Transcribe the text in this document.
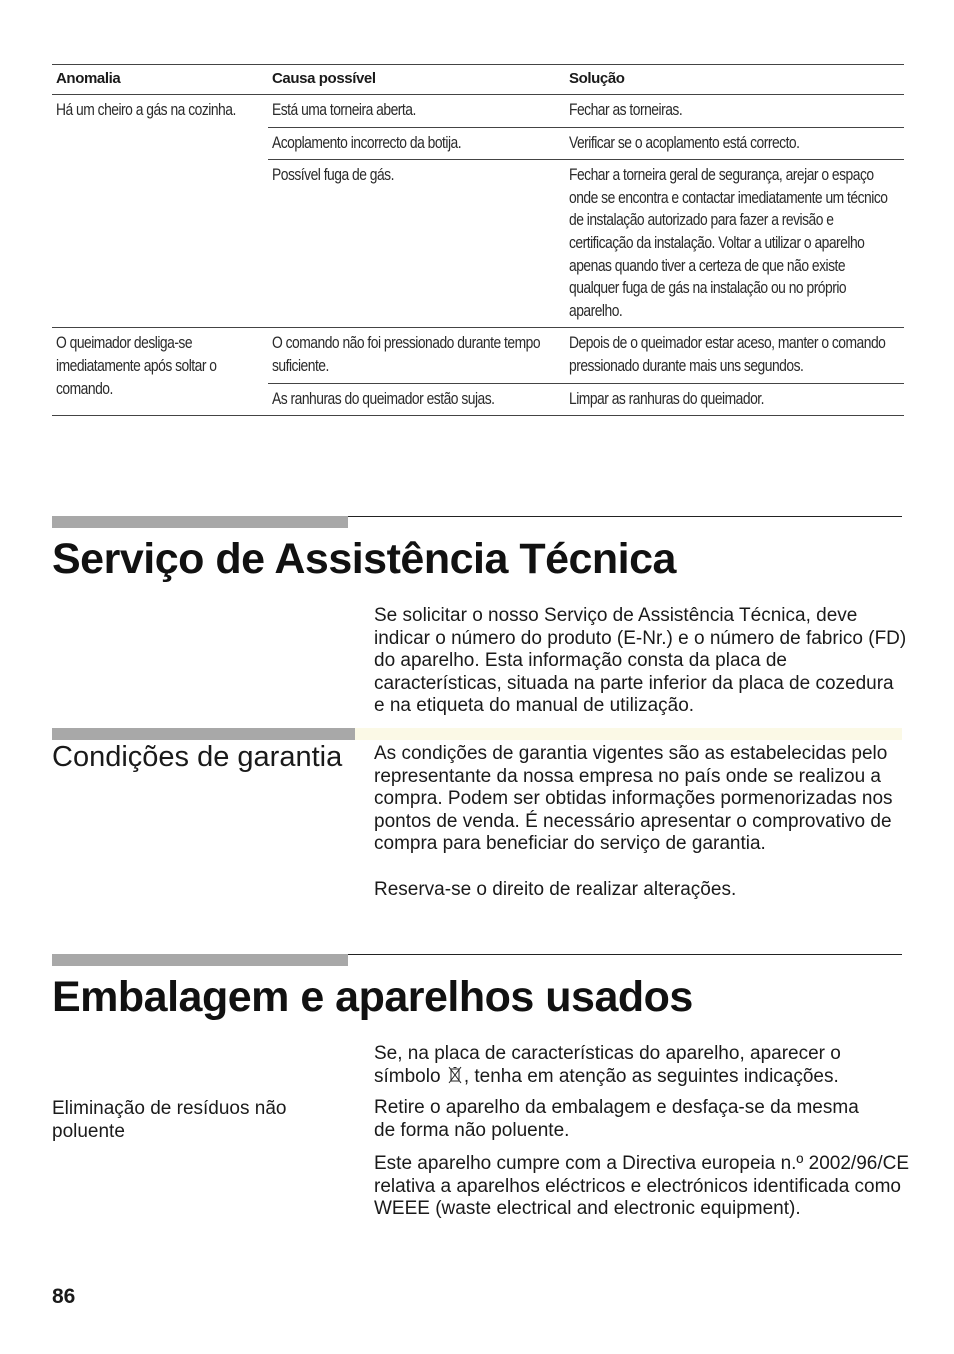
Anomalia	Causa possível	Solução
Há um cheiro a gás na cozinha.	Está uma torneira aberta.	Fechar as torneiras.
	Acoplamento incorrecto da botija.	Verificar se o acoplamento está correcto.
	Possível fuga de gás.	Fechar a torneira geral de segurança, arejar o espaço onde se encontra e contactar imediatamente um técnico de instalação autorizado para fazer a revisão e certificação da instalação. Voltar a utilizar o aparelho apenas quando tiver a certeza de que não existe qualquer fuga de gás na instalação ou no próprio aparelho.
O queimador desliga-se imediatamente após soltar o comando.	O comando não foi pressionado durante tempo suficiente.	Depois de o queimador estar aceso, manter o comando pressionado durante mais uns segundos.
	As ranhuras do queimador estão sujas.	Limpar as ranhuras do queimador.
Serviço de Assistência Técnica

Se solicitar o nosso Serviço de Assistência Técnica, deve indicar o número do produto (E-Nr.) e o número de fabrico (FD) do aparelho. Esta informação consta da placa de características, situada na parte inferior da placa de cozedura e na etiqueta do manual de utilização.

Condições de garantia	As condições de garantia vigentes são as estabelecidas pelo representante da nossa empresa no país onde se realizou a compra. Podem ser obtidas informações pormenorizadas nos pontos de venda. É necessário apresentar o comprovativo de compra para beneficiar do serviço de garantia.

Reserva-se o direito de realizar alterações.

Embalagem e aparelhos usados

Se, na placa de características do aparelho, aparecer o símbolo , tenha em atenção as seguintes indicações.

Eliminação de resíduos não poluente

Retire o aparelho da embalagem e desfaça-se da mesma de forma não poluente.

Este aparelho cumpre com a Directiva europeia n.º 2002/96/CE relativa a aparelhos eléctricos e electrónicos identificada como WEEE (waste electrical and electronic equipment).

86
